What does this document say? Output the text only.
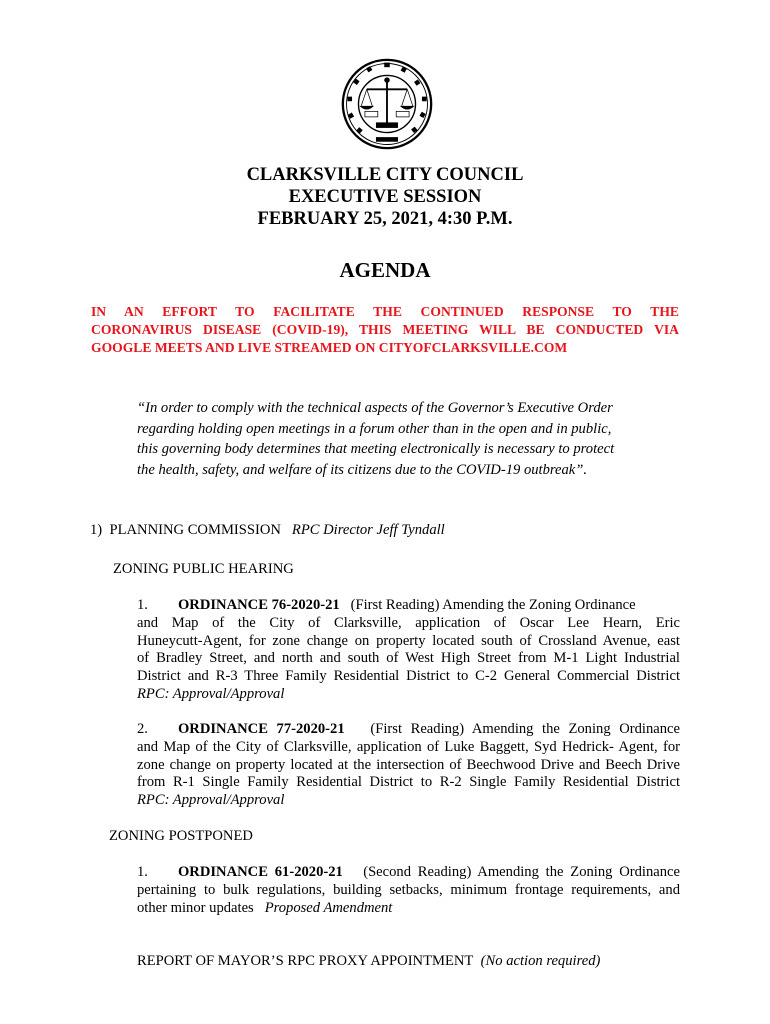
CLARKSVILLE CITY COUNCIL
EXECUTIVE SESSION
FEBRUARY 25, 2021, 4:30 P.M.
AGENDA
IN AN EFFORT TO FACILITATE THE CONTINUED RESPONSE TO THE
CORONAVIRUS DISEASE (COVID-19), THIS MEETING WILL BE CONDUCTED VIA
GOOGLE MEETS AND LIVE STREAMED ON CITYOFCLARKSVILLE.COM
“In order to comply with the technical aspects of the Governor’s Executive Order
regarding holding open meetings in a forum other than in the open and in public,
this governing body determines that meeting electronically is necessary to protect
the health, safety, and welfare of its citizens due to the COVID-19 outbreak”.
1) PLANNING COMMISSION RPC Director Jeff Tyndall
ZONING PUBLIC HEARING
1. ORDINANCE 76-2020-21 (First Reading) Amending the Zoning Ordinance
and Map of the City of Clarksville, application of Oscar Lee Hearn, Eric
Huneycutt-Agent, for zone change on property located south of Crossland Avenue, east
of Bradley Street, and north and south of West High Street from M-1 Light Industrial
District and R-3 Three Family Residential District to C-2 General Commercial District
RPC: Approval/Approval
2. ORDINANCE 77-2020-21 (First Reading) Amending the Zoning Ordinance
and Map of the City of Clarksville, application of Luke Baggett, Syd Hedrick- Agent, for
zone change on property located at the intersection of Beechwood Drive and Beech Drive
from R-1 Single Family Residential District to R-2 Single Family Residential District
RPC: Approval/Approval
ZONING POSTPONED
1. ORDINANCE 61-2020-21 (Second Reading) Amending the Zoning Ordinance
pertaining to bulk regulations, building setbacks, minimum frontage requirements, and
other minor updates Proposed Amendment
REPORT OF MAYOR’S RPC PROXY APPOINTMENT (No action required)
